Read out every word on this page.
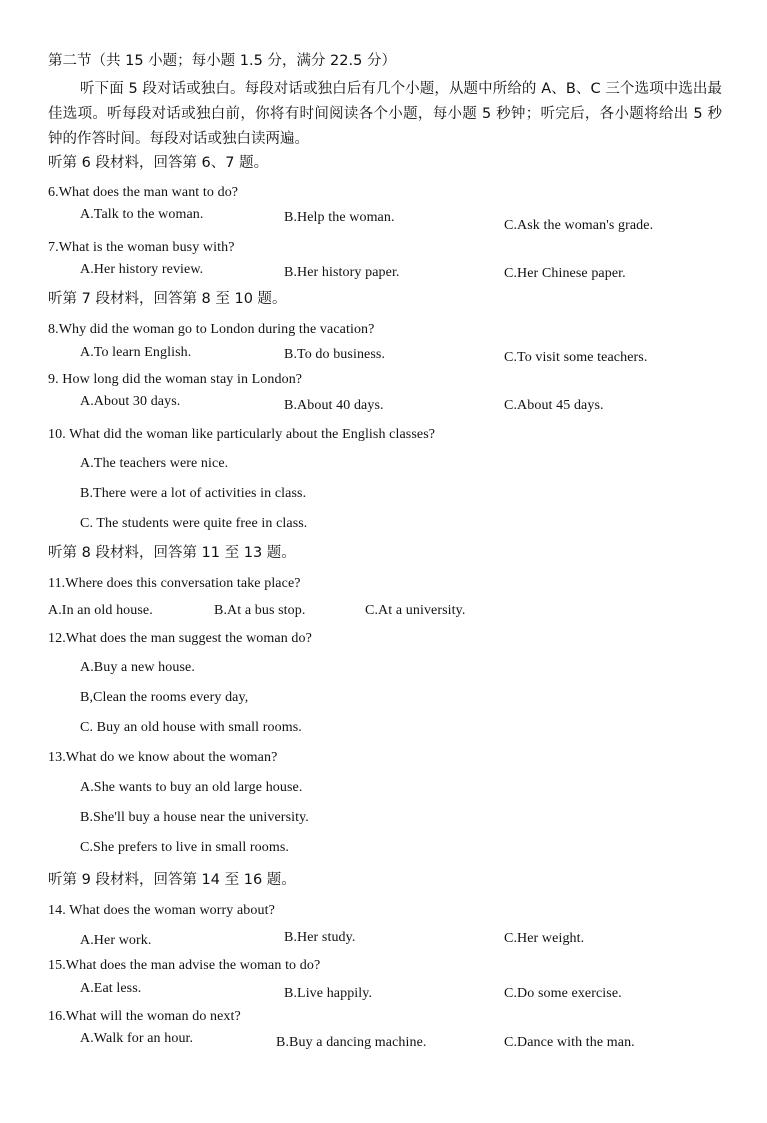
第二节（共 15 小题；每小题 1.5 分，满分 22.5 分）
听下面 5 段对话或独白。每段对话或独白后有几个小题，从题中所给的 A、B、C 三个选项中选出最佳选项。听每段对话或独白前，你将有时间阅读各个小题，每小题 5 秒钟；听完后，各小题将给出 5 秒钟的作答时间。每段对话或独白读两遍。
听第 6 段材料，回答第 6、7 题。
6.What does the man want to do?
A.Talk to the woman.	B.Help the woman.
C.Ask the woman's grade.
7.What is the woman busy with?
A.Her history review.	B.Her history paper.	C.Her Chinese paper.
听第 7 段材料，回答第 8 至 10 题。
8.Why did the woman go to London during the vacation?
A.To learn English.	B.To do business.	C.To visit some teachers.
9. How long did the woman stay in London?
A.About 30 days.	B.About 40 days.	C.About 45 days.
10. What did the woman like particularly about the English classes?
A.The teachers were nice.
B.There were a lot of activities in class.
C. The students were quite free in class.
听第 8 段材料，回答第 11 至 13 题。
11.Where does this conversation take place?
A.In an old house.	B.At a bus stop.	C.At a university.
12.What does the man suggest the woman do?
A.Buy a new house.
B,Clean the rooms every day,
C. Buy an old house with small rooms.
13.What do we know about the woman?
A.She wants to buy an old large house.
B.She'll buy a house near the university.
C.She prefers to live in small rooms.
听第 9 段材料，回答第 14 至 16 题。
14. What does the woman worry about?
A.Her work.	B.Her study.	C.Her weight.
15.What does the man advise the woman to do?
A.Eat less.	B.Live happily.	C.Do some exercise.
16.What will the woman do next?
A.Walk for an hour.	B.Buy a dancing machine.	C.Dance with the man.
